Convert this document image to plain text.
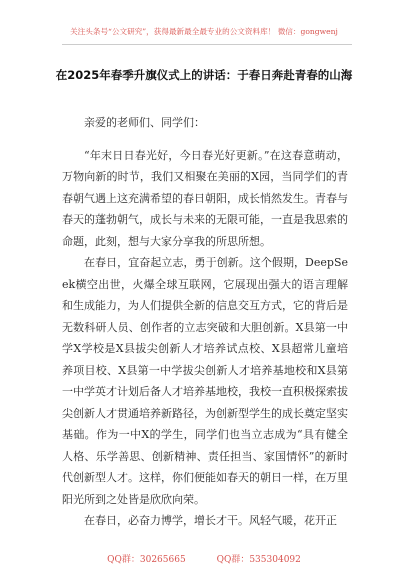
关注头条号“公文研究”，获得最新最全最专业的公文资料库！ 微信：gongwenj
在2025年春季升旗仪式上的讲话：于春日奔赴青春的山海

亲爱的老师们、同学们：

“年末日日春光好，今日春光好更新。”在这春意萌动，万物向新的时节，我们又相聚在美丽的X园，当同学们的青春朝气遇上这充满希望的春日朝阳，成长悄然发生。青春与春天的蓬勃朝气，成长与未来的无限可能，一直是我思索的命题，此刻，想与大家分享我的所思所想。

在春日，宜奋起立志，勇于创新。这个假期，DeepSeek横空出世，火爆全球互联网，它展现出强大的语言理解和生成能力，为人们提供全新的信息交互方式，它的背后是无数科研人员、创作者的立志突破和大胆创新。X县第一中学X学校是X县拔尖创新人才培养试点校、X县超常儿童培养项目校、X县第一中学拔尖创新人才培养基地校和X县第一中学英才计划后备人才培养基地校，我校一直积极探索拔尖创新人才贯通培养新路径，为创新型学生的成长奠定坚实基础。作为一中X的学生，同学们也当立志成为“具有健全人格、乐学善思、创新精神、责任担当、家国情怀”的新时代创新型人才。这样，你们便能如春天的朝日一样，在万里阳光所到之处皆是欣欣向荣。

在春日，必奋力博学，增长才干。风轻气暖，花开正

QQ群：30265665	QQ群：535304092
